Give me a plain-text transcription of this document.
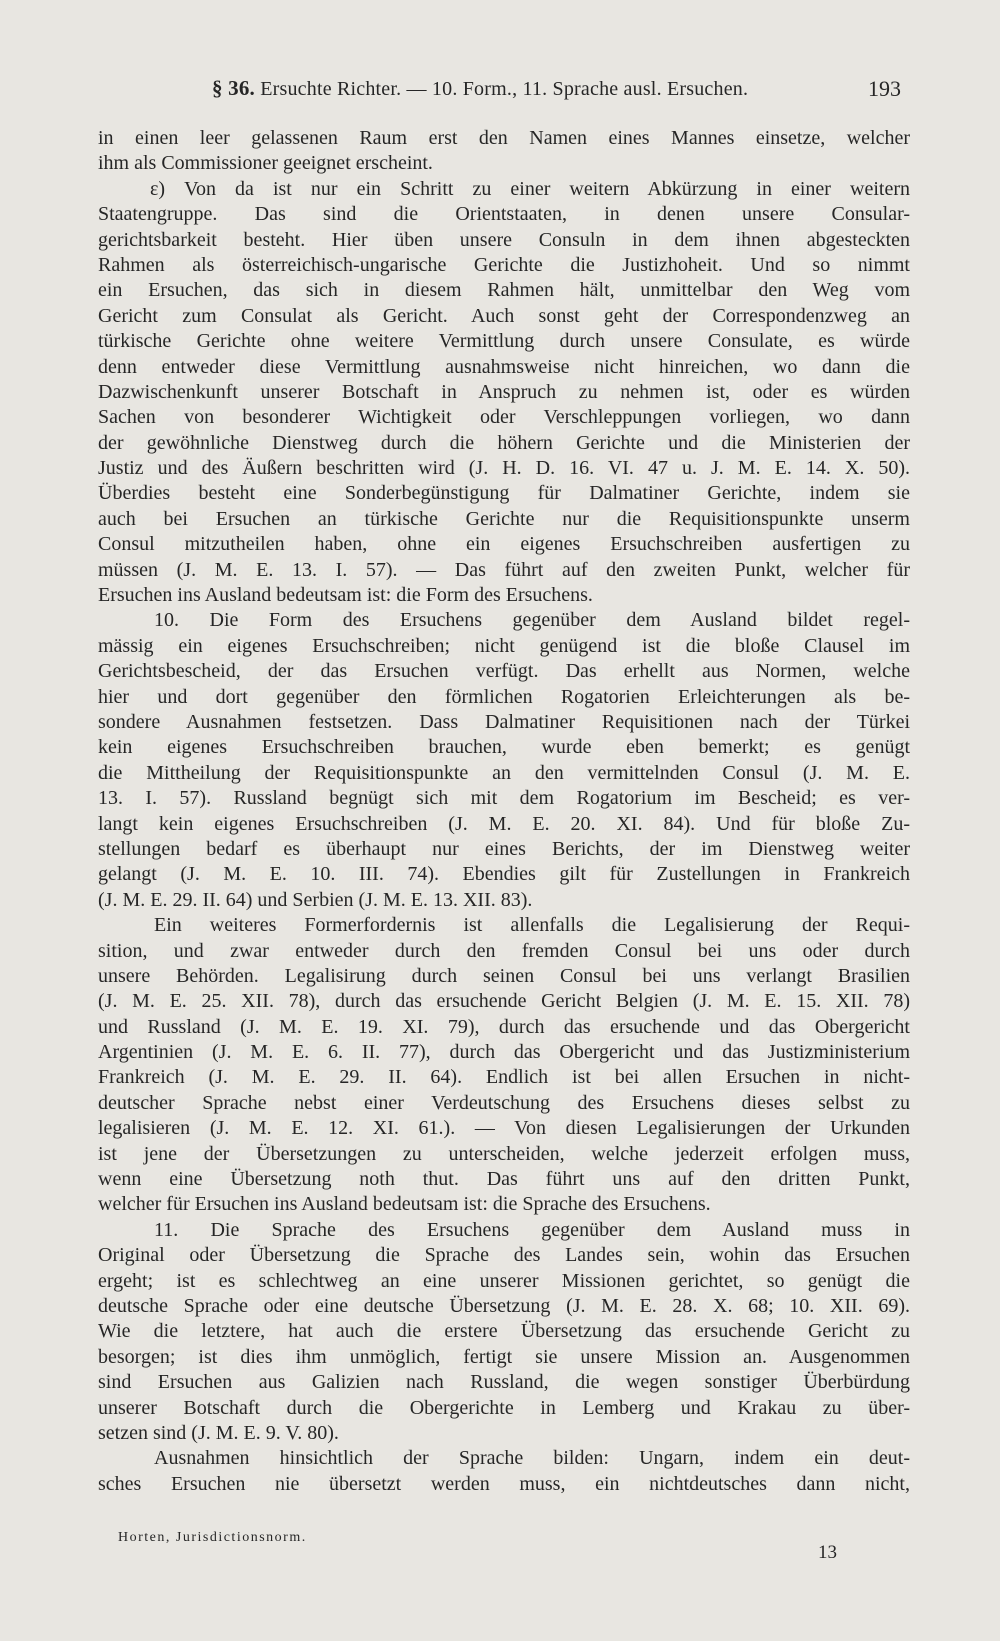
§ 36. Ersuchte Richter. — 10. Form., 11. Sprache ausl. Ersuchen.	193
in einen leer gelassenen Raum erst den Namen eines Mannes einsetze, welcher
ihm als Commissioner geeignet erscheint.
ε) Von da ist nur ein Schritt zu einer weitern Abkürzung in einer weitern
Staatengruppe. Das sind die Orientstaaten, in denen unsere Consular-
gerichtsbarkeit besteht. Hier üben unsere Consuln in dem ihnen abgesteckten
Rahmen als österreichisch-ungarische Gerichte die Justizhoheit. Und so nimmt
ein Ersuchen, das sich in diesem Rahmen hält, unmittelbar den Weg vom
Gericht zum Consulat als Gericht. Auch sonst geht der Correspondenzweg an
türkische Gerichte ohne weitere Vermittlung durch unsere Consulate, es würde
denn entweder diese Vermittlung ausnahmsweise nicht hinreichen, wo dann die
Dazwischenkunft unserer Botschaft in Anspruch zu nehmen ist, oder es würden
Sachen von besonderer Wichtigkeit oder Verschleppungen vorliegen, wo dann
der gewöhnliche Dienstweg durch die höhern Gerichte und die Ministerien der
Justiz und des Äußern beschritten wird (J. H. D. 16. VI. 47 u. J. M. E. 14. X. 50).
Überdies besteht eine Sonderbegünstigung für Dalmatiner Gerichte, indem sie
auch bei Ersuchen an türkische Gerichte nur die Requisitionspunkte unserm
Consul mitzutheilen haben, ohne ein eigenes Ersuchschreiben ausfertigen zu
müssen (J. M. E. 13. I. 57). — Das führt auf den zweiten Punkt, welcher für
Ersuchen ins Ausland bedeutsam ist: die Form des Ersuchens.
10. Die Form des Ersuchens gegenüber dem Ausland bildet regel-
mässig ein eigenes Ersuchschreiben; nicht genügend ist die bloße Clausel im
Gerichtsbescheid, der das Ersuchen verfügt. Das erhellt aus Normen, welche
hier und dort gegenüber den förmlichen Rogatorien Erleichterungen als be-
sondere Ausnahmen festsetzen. Dass Dalmatiner Requisitionen nach der Türkei
kein eigenes Ersuchschreiben brauchen, wurde eben bemerkt; es genügt
die Mittheilung der Requisitionspunkte an den vermittelnden Consul (J. M. E.
13. I. 57). Russland begnügt sich mit dem Rogatorium im Bescheid; es ver-
langt kein eigenes Ersuchschreiben (J. M. E. 20. XI. 84). Und für bloße Zu-
stellungen bedarf es überhaupt nur eines Berichts, der im Dienstweg weiter
gelangt (J. M. E. 10. III. 74). Ebendies gilt für Zustellungen in Frankreich
(J. M. E. 29. II. 64) und Serbien (J. M. E. 13. XII. 83).
Ein weiteres Formerfordernis ist allenfalls die Legalisierung der Requi-
sition, und zwar entweder durch den fremden Consul bei uns oder durch
unsere Behörden. Legalisirung durch seinen Consul bei uns verlangt Brasilien
(J. M. E. 25. XII. 78), durch das ersuchende Gericht Belgien (J. M. E. 15. XII. 78)
und Russland (J. M. E. 19. XI. 79), durch das ersuchende und das Obergericht
Argentinien (J. M. E. 6. II. 77), durch das Obergericht und das Justizministerium
Frankreich (J. M. E. 29. II. 64). Endlich ist bei allen Ersuchen in nicht-
deutscher Sprache nebst einer Verdeutschung des Ersuchens dieses selbst zu
legalisieren (J. M. E. 12. XI. 61.). — Von diesen Legalisierungen der Urkunden
ist jene der Übersetzungen zu unterscheiden, welche jederzeit erfolgen muss,
wenn eine Übersetzung noth thut. Das führt uns auf den dritten Punkt,
welcher für Ersuchen ins Ausland bedeutsam ist: die Sprache des Ersuchens.
11. Die Sprache des Ersuchens gegenüber dem Ausland muss in
Original oder Übersetzung die Sprache des Landes sein, wohin das Ersuchen
ergeht; ist es schlechtweg an eine unserer Missionen gerichtet, so genügt die
deutsche Sprache oder eine deutsche Übersetzung (J. M. E. 28. X. 68; 10. XII. 69).
Wie die letztere, hat auch die erstere Übersetzung das ersuchende Gericht zu
besorgen; ist dies ihm unmöglich, fertigt sie unsere Mission an. Ausgenommen
sind Ersuchen aus Galizien nach Russland, die wegen sonstiger Überbürdung
unserer Botschaft durch die Obergerichte in Lemberg und Krakau zu über-
setzen sind (J. M. E. 9. V. 80).
Ausnahmen hinsichtlich der Sprache bilden: Ungarn, indem ein deut-
sches Ersuchen nie übersetzt werden muss, ein nichtdeutsches dann nicht,
Horten, Jurisdictionsnorm.
13
